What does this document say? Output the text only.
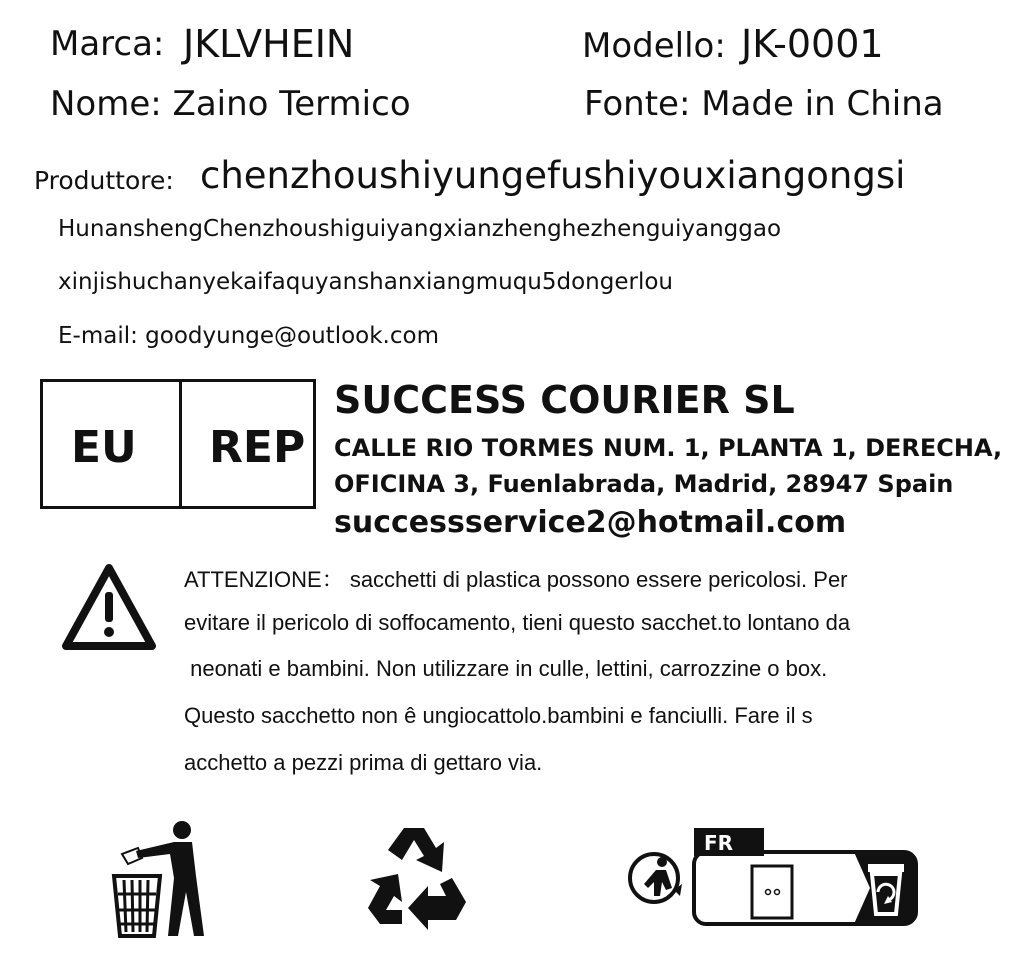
Marca: JKLVHEIN	Modello: JK-0001
Nome: Zaino Termico	Fonte: Made in China
Produttore: chenzhoushiyungefushiyouxiangongsi
HunanshengChenzhoushiguiyangxianzhenghezhenguiyanggao
xinjishuchanyekaifaquyanshanxiangmuqu5dongerlou
E-mail: goodyunge@outlook.com
EU REP
SUCCESS COURIER SL
CALLE RIO TORMES NUM. 1, PLANTA 1, DERECHA,
OFICINA 3, Fuenlabrada, Madrid, 28947 Spain
successservice2@hotmail.com
ATTENZIONE： sacchetti di plastica possono essere pericolosi. Per
evitare il pericolo di soffocamento, tieni questo sacchet.to lontano da
neonati e bambini. Non utilizzare in culle, lettini, carrozzine o box.
Questo sacchetto non ê ungiocattolo.bambini e fanciulli. Fare il s
acchetto a pezzi prima di gettaro via.
FR
